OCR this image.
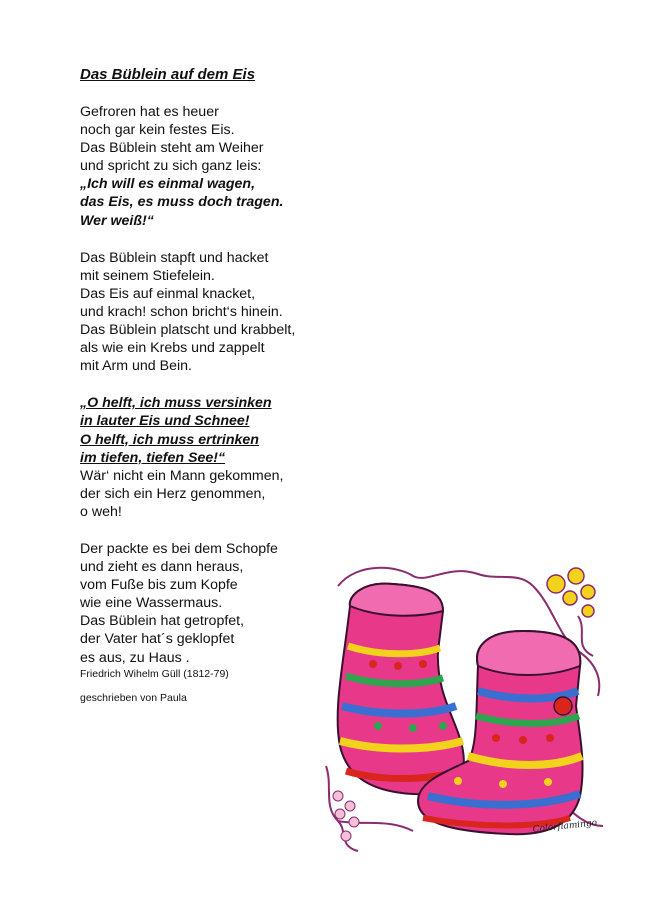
Das Büblein auf dem Eis
Gefroren hat es heuer
noch gar kein festes Eis.
Das Büblein steht am Weiher
und spricht zu sich ganz leis:
„Ich will es einmal wagen,
das Eis, es muss doch tragen.
Wer weiß!“
Das Büblein stapft und hacket
mit seinem Stiefelein.
Das Eis auf einmal knacket,
und krach! schon bricht‘s hinein.
Das Büblein platscht und krabbelt,
als wie ein Krebs und zappelt
mit Arm und Bein.
„O helft, ich muss versinken
in lauter Eis und Schnee!
O helft, ich muss ertrinken
im tiefen, tiefen See!“
Wär‘ nicht ein Mann gekommen,
der sich ein Herz genommen,
o weh!
Der packte es bei dem Schopfe
und zieht es dann heraus,
vom Fuße bis zum Kopfe
wie eine Wassermaus.
Das Büblein hat getropfet,
der Vater hat´s geklopfet
es aus, zu Haus .
Friedrich Wihelm Güll (1812-79)
geschrieben von Paula
Colorflamingo
